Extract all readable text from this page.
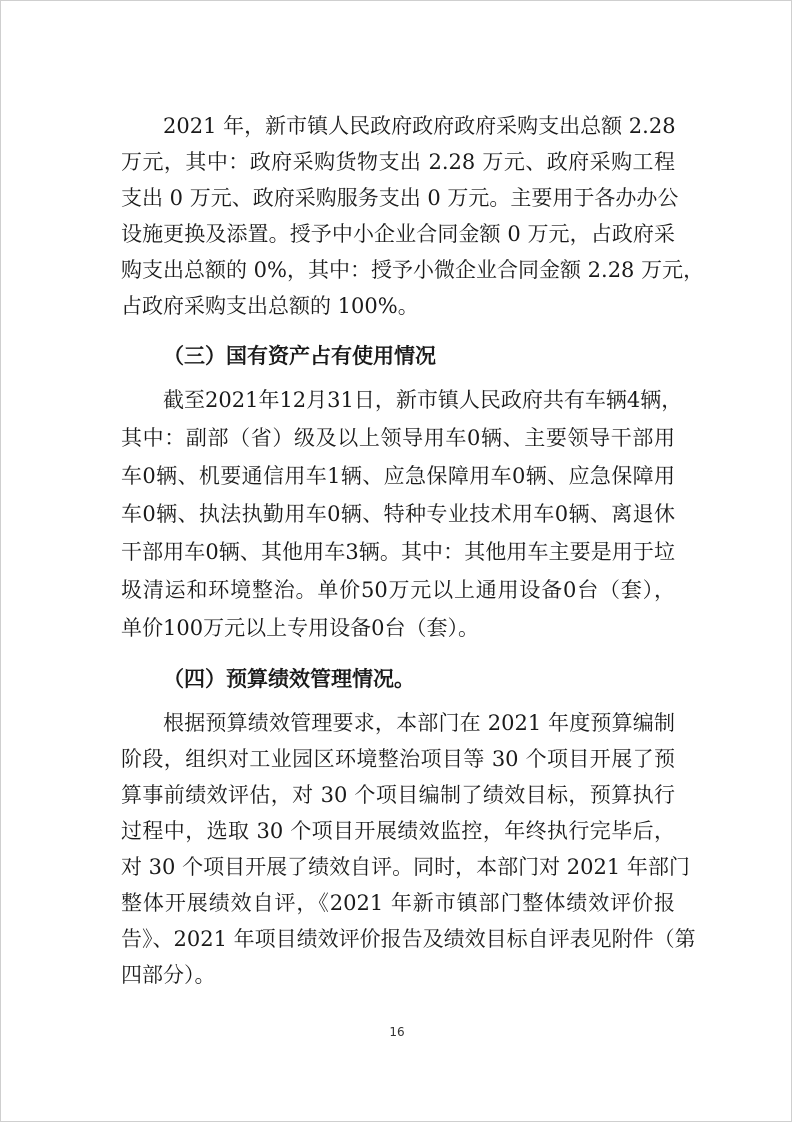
2021 年，新市镇人民政府政府政府采购支出总额 2.28
万元，其中：政府采购货物支出 2.28 万元、政府采购工程
支出 0 万元、政府采购服务支出 0 万元。主要用于各办办公
设施更换及添置。授予中小企业合同金额 0 万元，占政府采
购支出总额的 0%，其中：授予小微企业合同金额 2.28 万元，
占政府采购支出总额的 100%。
（三）国有资产占有使用情况
截至2021年12月31日，新市镇人民政府共有车辆4辆，
其中：副部（省）级及以上领导用车0辆、主要领导干部用
车0辆、机要通信用车1辆、应急保障用车0辆、应急保障用
车0辆、执法执勤用车0辆、特种专业技术用车0辆、离退休
干部用车0辆、其他用车3辆。其中：其他用车主要是用于垃
圾清运和环境整治。单价50万元以上通用设备0台（套），
单价100万元以上专用设备0台（套）。
（四）预算绩效管理情况。
根据预算绩效管理要求，本部门在 2021 年度预算编制
阶段，组织对工业园区环境整治项目等 30 个项目开展了预
算事前绩效评估，对 30 个项目编制了绩效目标，预算执行
过程中，选取 30 个项目开展绩效监控，年终执行完毕后，
对 30 个项目开展了绩效自评。同时，本部门对 2021 年部门
整体开展绩效自评，《2021 年新市镇部门整体绩效评价报
告》、2021 年项目绩效评价报告及绩效目标自评表见附件（第
四部分）。
16
